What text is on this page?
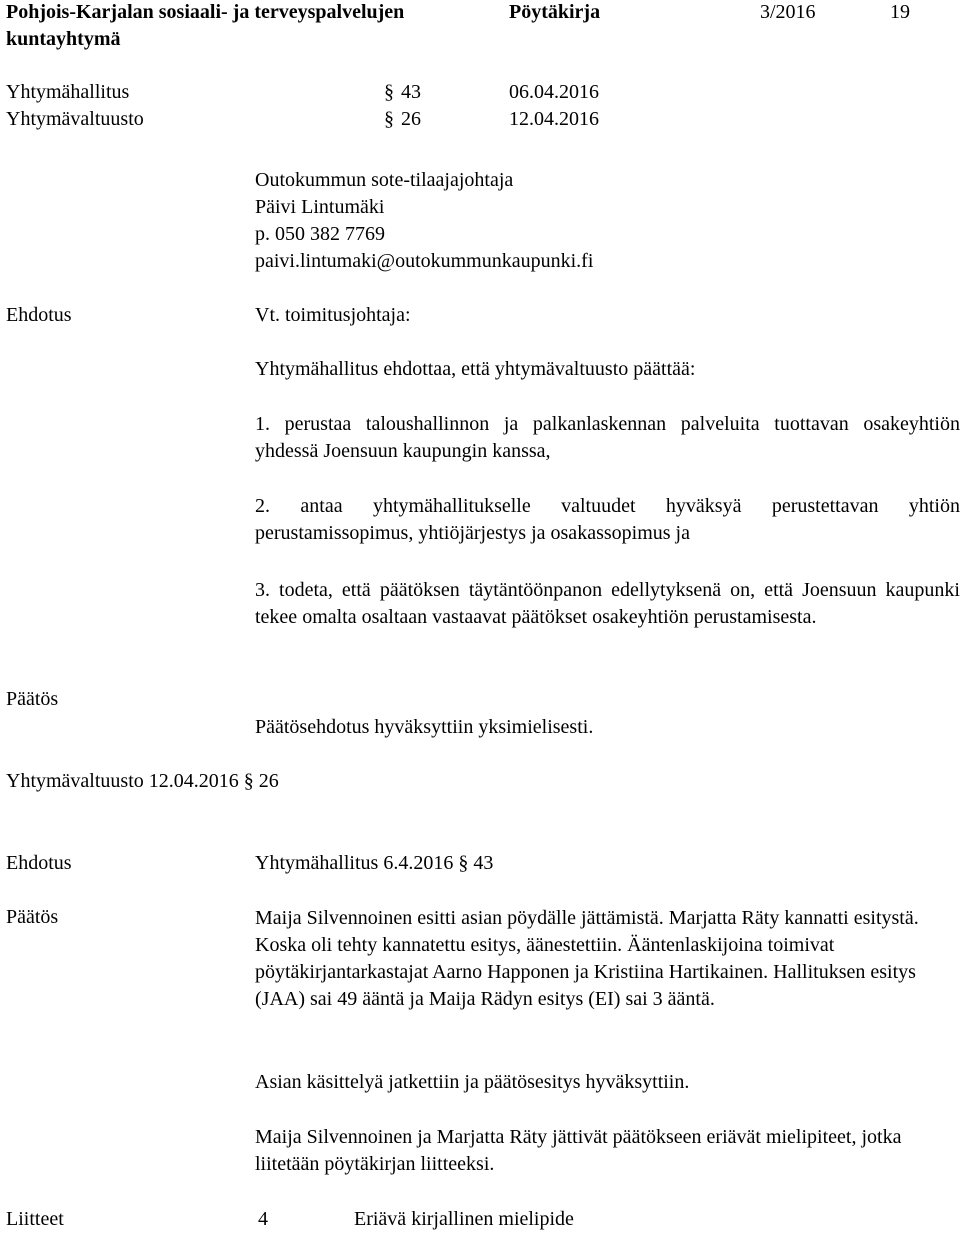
Pohjois-Karjalan sosiaali- ja terveyspalvelujen
kuntayhtymä
Pöytäkirja	3/2016	19
Yhtymähallitus	§ 43	06.04.2016
Yhtymävaltuusto	§ 26	12.04.2016
Outokummun sote-tilaajajohtaja
Päivi Lintumäki
p. 050 382 7769
paivi.lintumaki@outokummunkaupunki.fi
Ehdotus	Vt. toimitusjohtaja:
Yhtymähallitus ehdottaa, että yhtymävaltuusto päättää:
1. perustaa taloushallinnon ja palkanlaskennan palveluita tuottavan osakeyhtiön yhdessä Joensuun kaupungin kanssa,
2. antaa yhtymähallitukselle valtuudet hyväksyä perustettavan yhtiön perustamissopimus, yhtiöjärjestys ja osakassopimus ja
3. todeta, että päätöksen täytäntöönpanon edellytyksenä on, että Joensuun kaupunki tekee omalta osaltaan vastaavat päätökset osakeyhtiön perustamisesta.
Päätös
Päätösehdotus hyväksyttiin yksimielisesti.
Yhtymävaltuusto 12.04.2016 § 26
Ehdotus	Yhtymähallitus 6.4.2016 § 43
Päätös	Maija Silvennoinen esitti asian pöydälle jättämistä. Marjatta Räty kannatti esitystä. Koska oli tehty kannatettu esitys, äänestettiin. Ääntenlaskijoina toimivat pöytäkirjantarkastajat Aarno Happonen ja Kristiina Hartikainen. Hallituksen esitys (JAA) sai 49 ääntä ja Maija Rädyn esitys (EI) sai 3 ääntä.
Asian käsittelyä jatkettiin ja päätösesitys hyväksyttiin.
Maija Silvennoinen ja Marjatta Räty jättivät päätökseen eriävät mielipiteet, jotka liitetään pöytäkirjan liitteeksi.
Liitteet	4	Eriävä kirjallinen mielipide
